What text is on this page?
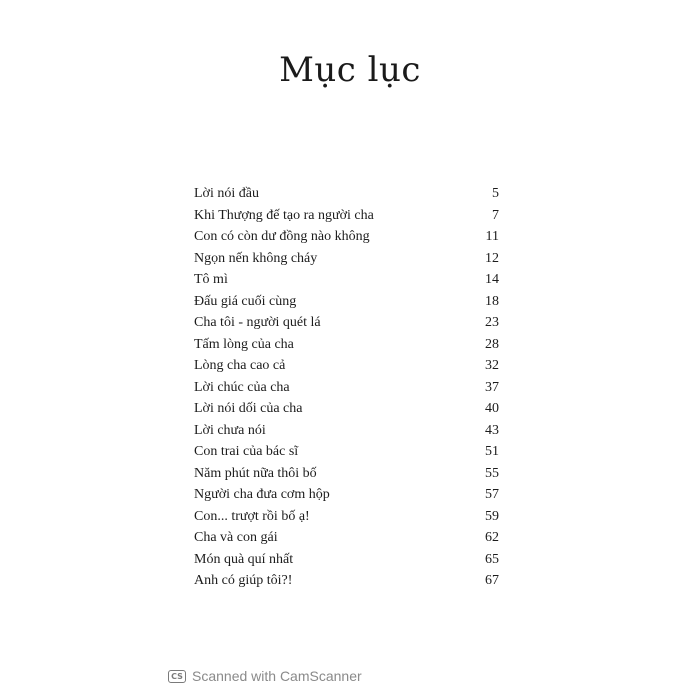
Mục lục
Lời nói đầu	5
Khi Thượng đế tạo ra người cha	7
Con có còn dư đồng nào không	11
Ngọn nến không cháy	12
Tô mì	14
Đấu giá cuối cùng	18
Cha tôi - người quét lá	23
Tấm lòng của cha	28
Lòng cha cao cả	32
Lời chúc của cha	37
Lời nói dối của cha	40
Lời chưa nói	43
Con trai của bác sĩ	51
Năm phút nữa thôi bố	55
Người cha đưa cơm hộp	57
Con... trượt rồi bố ạ!	59
Cha và con gái	62
Món quà quí nhất	65
Anh có giúp tôi?!	67
CS Scanned with CamScanner
